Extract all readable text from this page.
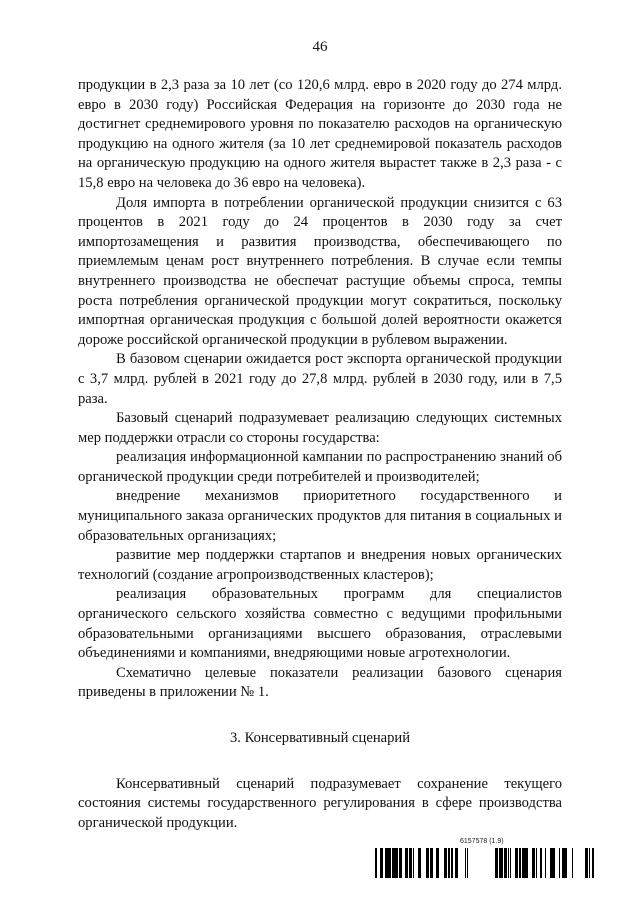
46

продукции в 2,3 раза за 10 лет (со 120,6 млрд. евро в 2020 году до 274 млрд. евро в 2030 году) Российская Федерация на горизонте до 2030 года не достигнет среднемирового уровня по показателю расходов на органическую продукцию на одного жителя (за 10 лет среднемировой показатель расходов на органическую продукцию на одного жителя вырастет также в 2,3 раза - с 15,8 евро на человека до 36 евро на человека).

Доля импорта в потреблении органической продукции снизится с 63 процентов в 2021 году до 24 процентов в 2030 году за счет импортозамещения и развития производства, обеспечивающего по приемлемым ценам рост внутреннего потребления. В случае если темпы внутреннего производства не обеспечат растущие объемы спроса, темпы роста потребления органической продукции могут сократиться, поскольку импортная органическая продукция с большой долей вероятности окажется дороже российской органической продукции в рублевом выражении.

В базовом сценарии ожидается рост экспорта органической продукции с 3,7 млрд. рублей в 2021 году до 27,8 млрд. рублей в 2030 году, или в 7,5 раза.

Базовый сценарий подразумевает реализацию следующих системных мер поддержки отрасли со стороны государства:

реализация информационной кампании по распространению знаний об органической продукции среди потребителей и производителей;

внедрение механизмов приоритетного государственного и муниципального заказа органических продуктов для питания в социальных и образовательных организациях;

развитие мер поддержки стартапов и внедрения новых органических технологий (создание агропроизводственных кластеров);

реализация образовательных программ для специалистов органического сельского хозяйства совместно с ведущими профильными образовательными организациями высшего образования, отраслевыми объединениями и компаниями, внедряющими новые агротехнологии.

Схематично целевые показатели реализации базового сценария приведены в приложении № 1.

3. Консервативный сценарий

Консервативный сценарий подразумевает сохранение текущего состояния системы государственного регулирования в сфере производства органической продукции.

6157578 (1.9)
